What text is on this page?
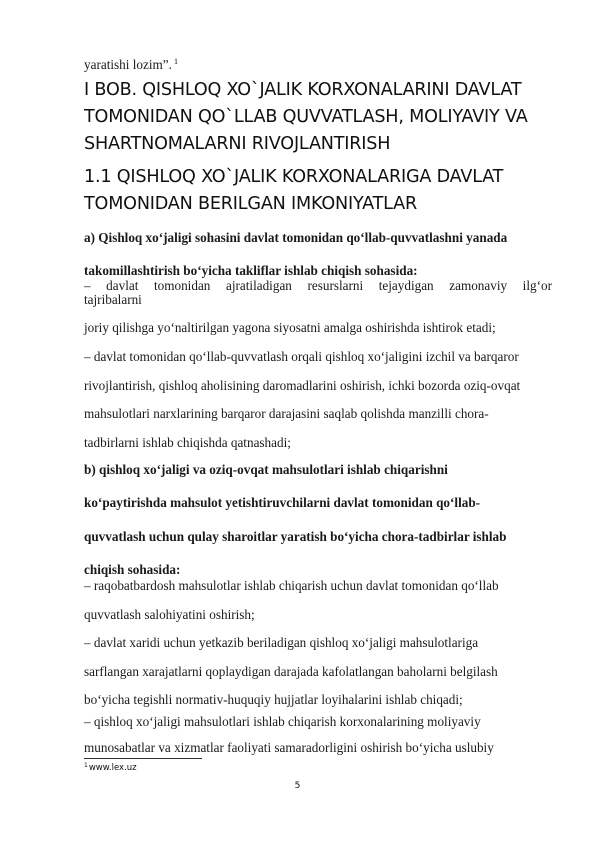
yaratishi lozim”. $^1$
I BOB. QISHLOQ XO`JALIK KORXONALARINI DAVLAT
TOMONIDAN QO`LLAB QUVVATLASH, MOLIYAVIY VA
SHARTNOMALARNI RIVOJLANTIRISH
1.1 QISHLOQ XO`JALIK KORXONALARIGA DAVLAT
TOMONIDAN BERILGAN IMKONIYATLAR
a) Qishloq xo‘jaligi sohasini davlat tomonidan qo‘llab-quvvatlashni yanada
takomillashtirish bo‘yicha takliflar ishlab chiqish sohasida:
– davlat tomonidan ajratiladigan resurslarni tejaydigan zamonaviy ilg‘or
tajribalarni
joriy qilishga yo‘naltirilgan yagona siyosatni amalga oshirishda ishtirok etadi;
– davlat tomonidan qo‘llab-quvvatlash orqali qishloq xo‘jaligini izchil va barqaror
rivojlantirish, qishloq aholisining daromadlarini oshirish, ichki bozorda oziq-ovqat
mahsulotlari narxlarining barqaror darajasini saqlab qolishda manzilli chora-
tadbirlarni ishlab chiqishda qatnashadi;
b) qishloq xo‘jaligi va oziq-ovqat mahsulotlari ishlab chiqarishni
ko‘paytirishda mahsulot yetishtiruvchilarni davlat tomonidan qo‘llab-
quvvatlash uchun qulay sharoitlar yaratish bo‘yicha chora-tadbirlar ishlab
chiqish sohasida:
– raqobatbardosh mahsulotlar ishlab chiqarish uchun davlat tomonidan qo‘llab
quvvatlash salohiyatini oshirish;
– davlat xaridi uchun yetkazib beriladigan qishloq xo‘jaligi mahsulotlariga
sarflangan xarajatlarni qoplaydigan darajada kafolatlangan baholarni belgilash
bo‘yicha tegishli normativ-huquqiy hujjatlar loyihalarini ishlab chiqadi;
– qishloq xo‘jaligi mahsulotlari ishlab chiqarish korxonalarining moliyaviy
munosabatlar va xizmatlar faoliyati samaradorligini oshirish bo‘yicha uslubiy
$^1$www.lex.uz
5
